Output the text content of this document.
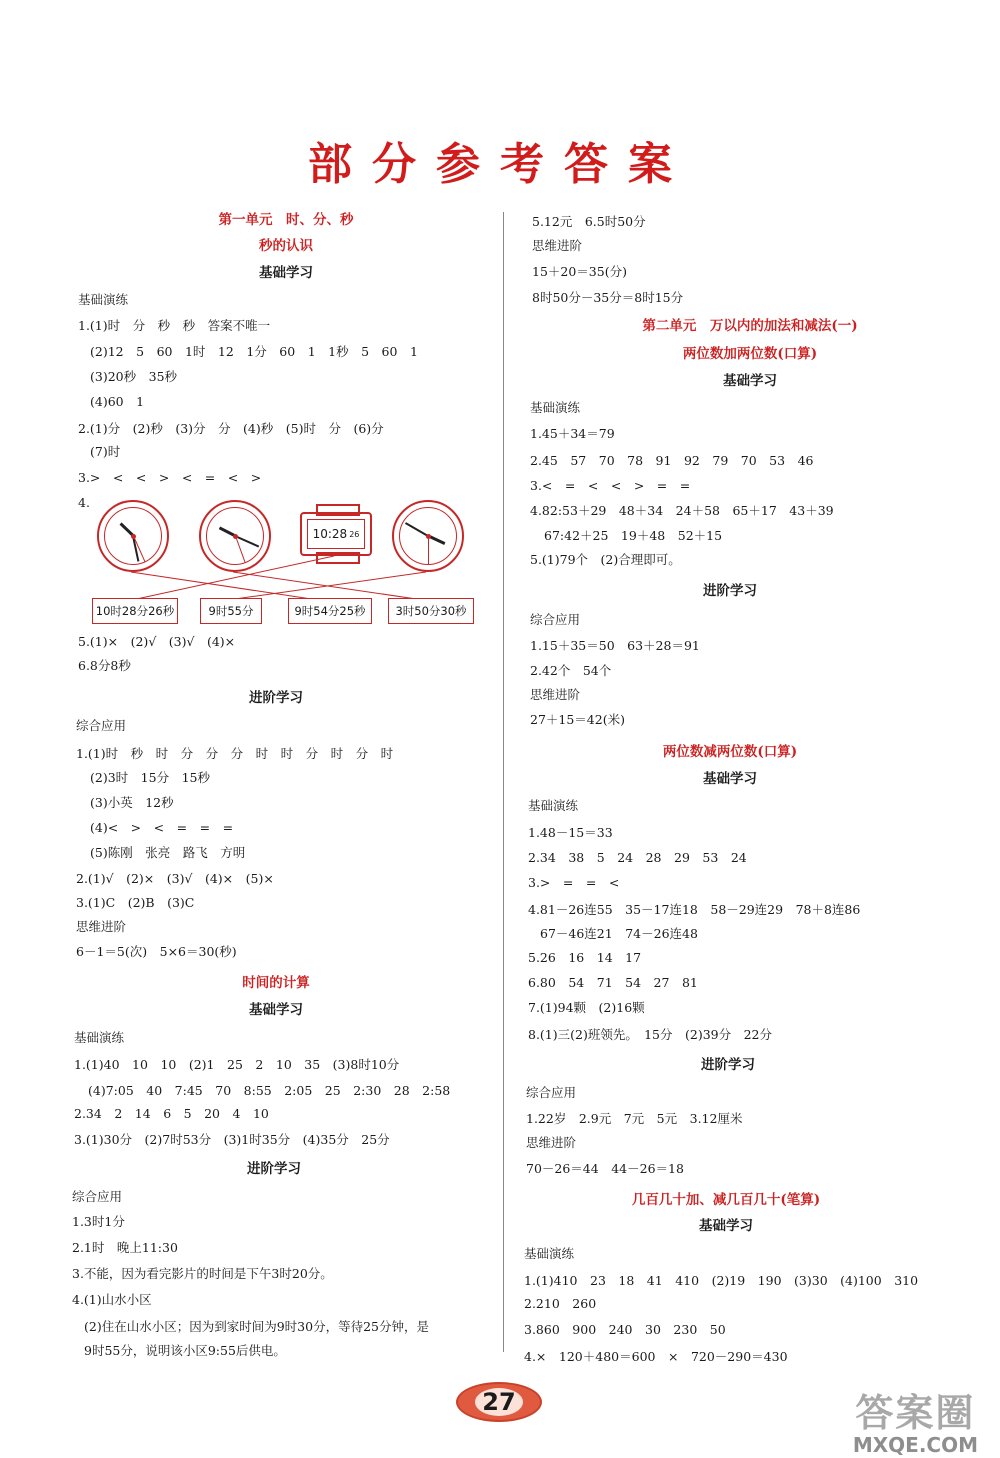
部分参考答案
第一单元　时、分、秒
秒的认识
基础学习
基础演练
1.(1)时　分　秒　秒　答案不唯一
(2)12　5　60　1时　12　1分　60　1　1秒　5　60　1
(3)20秒　35秒
(4)60　1
2.(1)分　(2)秒　(3)分　分　(4)秒　(5)时　分　(6)分
(7)时
3.>　<　<　>　<　=　<　>
4.
10:28 26
10时28分26秒	9时55分	9时54分25秒	3时50分30秒
5.(1)×　(2)√　(3)√　(4)×
6.8分8秒
进阶学习
综合应用
1.(1)时　秒　时　分　分　分　时　时　分　时　分　时
(2)3时　15分　15秒
(3)小英　12秒
(4)<　>　<　=　=　=
(5)陈刚　张亮　路飞　方明
2.(1)√　(2)×　(3)√　(4)×　(5)×
3.(1)C　(2)B　(3)C
思维进阶
6－1＝5(次)　5×6＝30(秒)
时间的计算
基础学习
基础演练
1.(1)40　10　10　(2)1　25　2　10　35　(3)8时10分
(4)7:05　40　7:45　70　8:55　2:05　25　2:30　28　2:58
2.34　2　14　6　5　20　4　10
3.(1)30分　(2)7时53分　(3)1时35分　(4)35分　25分
进阶学习
综合应用
1.3时1分
2.1时　晚上11:30
3.不能，因为看完影片的时间是下午3时20分。
4.(1)山水小区
(2)住在山水小区；因为到家时间为9时30分，等待25分钟，是
9时55分，说明该小区9:55后供电。
5.12元　6.5时50分
思维进阶
15＋20＝35(分)
8时50分－35分＝8时15分
第二单元　万以内的加法和减法(一)
两位数加两位数(口算)
基础学习
基础演练
1.45＋34＝79
2.45　57　70　78　91　92　79　70　53　46
3.<　=　<　<　>　=　=
4.82:53＋29　48＋34　24＋58　65＋17　43＋39
67:42＋25　19＋48　52＋15
5.(1)79个　(2)合理即可。
进阶学习
综合应用
1.15＋35＝50　63＋28＝91
2.42个　54个
思维进阶
27＋15＝42(米)
两位数减两位数(口算)
基础学习
基础演练
1.48－15＝33
2.34　38　5　24　28　29　53　24
3.>　=　=　<
4.81－26连55　35－17连18　58－29连29　78＋8连86
67－46连21　74－26连48
5.26　16　14　17
6.80　54　71　54　27　81
7.(1)94颗　(2)16颗
8.(1)三(2)班领先。　15分　(2)39分　22分
进阶学习
综合应用
1.22岁　2.9元　7元　5元　3.12厘米
思维进阶
70－26＝44　44－26＝18
几百几十加、减几百几十(笔算)
基础学习
基础演练
1.(1)410　23　18　41　410　(2)19　190　(3)30　(4)100　310
2.210　260
3.860　900　240　30　230　50
4.×　120＋480＝600　×　720－290＝430
27	答案圈
MXQE.COM
